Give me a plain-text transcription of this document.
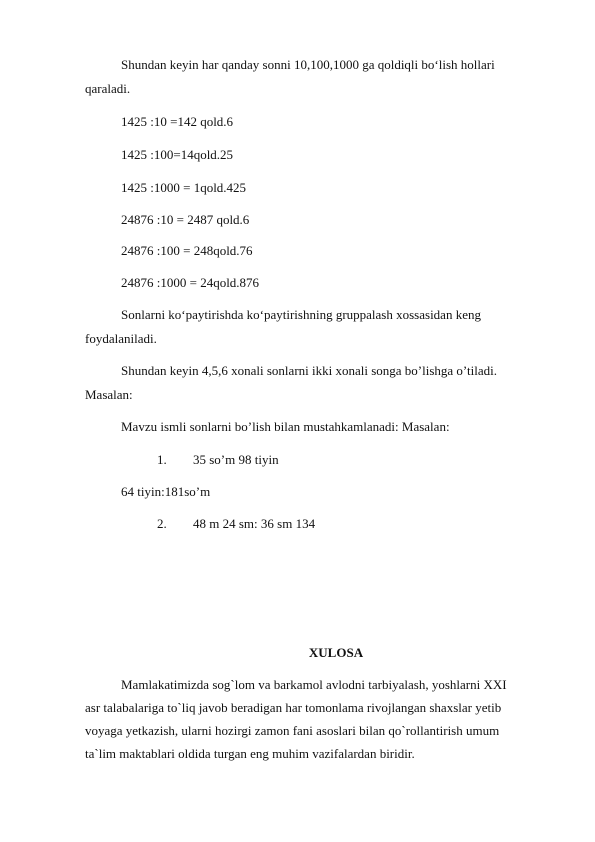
Shundan keyin har qanday sonni 10,100,1000 ga qoldiqli bo‘lish hollari
qaraladi.
1425 :10 =142 qold.6
1425 :100=14qold.25
1425 :1000 = 1qold.425
24876 :10 = 2487 qold.6
24876 :100 = 248qold.76
24876 :1000 = 24qold.876
Sonlarni ko‘paytirishda ko‘paytirishning gruppalash xossasidan keng
foydalaniladi.
Shundan keyin 4,5,6 xonali sonlarni ikki xonali songa bo’lishga o’tiladi.
Masalan:
Mavzu ismli sonlarni bo’lish bilan mustahkamlanadi: Masalan:
1. 35 so’m 98 tiyin
64 tiyin:181so’m
2. 48 m 24 sm: 36 sm 134
XULOSA
Mamlakatimizda sog`lom va barkamol avlodni tarbiyalash, yoshlarni XXI
asr talabalariga to`liq javob beradigan har tomonlama rivojlangan shaxslar yetib
voyaga yetkazish, ularni hozirgi zamon fani asoslari bilan qo`rollantirish umum
ta`lim maktablari oldida turgan eng muhim vazifalardan biridir.
